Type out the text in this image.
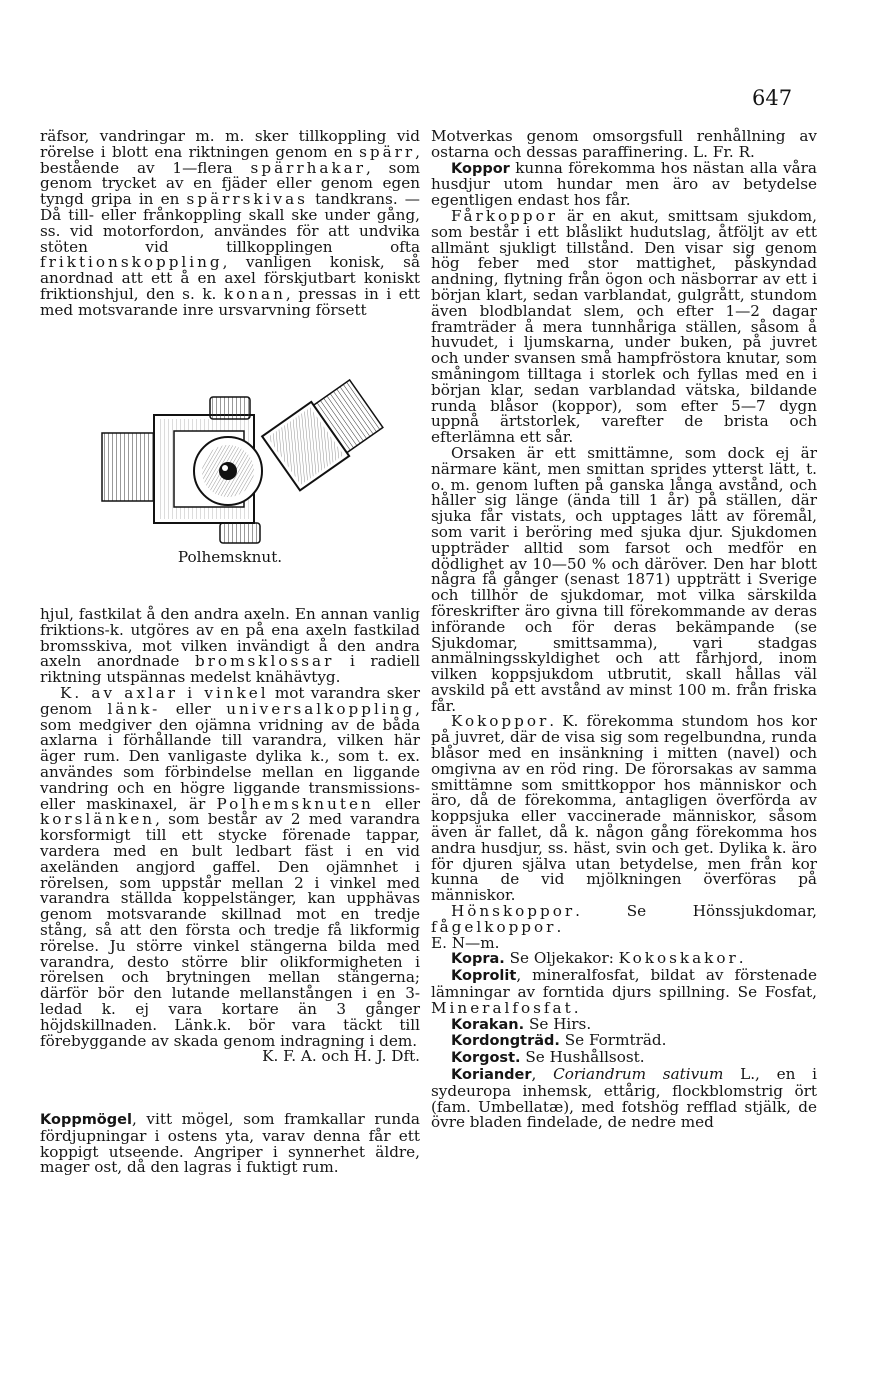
647

räfsor, vandringar m. m. sker tillkoppling vid rörelse i blott ena riktningen genom en spärr, bestående av 1—flera spärrhakar, som genom trycket av en fjäder eller genom egen tyngd gripa in en spärrskivas tandkrans. — Då till- eller frånkoppling skall ske under gång, ss. vid motorfordon, användes för att undvika stöten vid tillkopplingen ofta friktionskoppling, vanligen konisk, så anordnad att ett å en axel förskjutbart koniskt friktionshjul, den s. k. konan, pressas in i ett med motsvarande inre ursvarvning försett

Polhemsknut.

hjul, fastkilat å den andra axeln. En annan vanlig friktions-k. utgöres av en på ena axeln fastkilad bromsskiva, mot vilken invändigt å den andra axeln anordnade bromsklossar i radiell riktning utspännas medelst knähävtyg.

K. av axlar i vinkel mot varandra sker genom länk- eller universalkoppling, som medgiver den ojämna vridning av de båda axlarna i förhållande till varandra, vilken här äger rum. Den vanligaste dylika k., som t. ex. användes som förbindelse mellan en liggande vandring och en högre liggande transmissions- eller maskinaxel, är Polhemsknuten eller korslänken, som består av 2 med varandra korsformigt till ett stycke förenade tappar, vardera med en bult ledbart fäst i en vid axeländen angjord gaffel. Den ojämnhet i rörelsen, som uppstår mellan 2 i vinkel med varandra ställda koppelstänger, kan upphävas genom motsvarande skillnad mot en tredje stång, så att den första och tredje få likformig rörelse. Ju större vinkel stängerna bilda med varandra, desto större blir olikformigheten i rörelsen och brytningen mellan stängerna; därför bör den lutande mellanstången i en 3-ledad k. ej vara kortare än 3 gånger höjdskillnaden. Länk.k. bör vara täckt till förebyggande av skada genom indragning i dem.
K. F. A. och H. J. Dft.

Koppmögel, vitt mögel, som framkallar runda fördjupningar i ostens yta, varav denna får ett koppigt utseende. Angriper i synnerhet äldre, mager ost, då den lagras i fuktigt rum.

Motverkas genom omsorgsfull renhållning av ostarna och dessas paraffinering. L. Fr. R.

Koppor kunna förekomma hos nästan alla våra husdjur utom hundar men äro av betydelse egentligen endast hos får.

Fårkoppor är en akut, smittsam sjukdom, som består i ett blåslikt hudutslag, åtföljt av ett allmänt sjukligt tillstånd. Den visar sig genom hög feber med stor mattighet, påskyndad andning, flytning från ögon och näsborrar av ett i början klart, sedan varblandat, gulgrått, stundom även blodblandat slem, och efter 1—2 dagar framträder å mera tunnhåriga ställen, såsom å huvudet, i ljumskarna, under buken, på juvret och under svansen små hampfröstora knutar, som småningom tilltaga i storlek och fyllas med en i början klar, sedan varblandad vätska, bildande runda blåsor (koppor), som efter 5—7 dygn uppnå ärtstorlek, varefter de brista och efterlämna ett sår.

Orsaken är ett smittämne, som dock ej är närmare känt, men smittan sprides ytterst lätt, t. o. m. genom luften på ganska långa avstånd, och håller sig länge (ända till 1 år) på ställen, där sjuka får vistats, och upptages lätt av föremål, som varit i beröring med sjuka djur. Sjukdomen uppträder alltid som farsot och medför en dödlighet av 10—50 % och däröver. Den har blott några få gånger (senast 1871) uppträtt i Sverige och tillhör de sjukdomar, mot vilka särskilda föreskrifter äro givna till förekommande av deras införande och för deras bekämpande (se Sjukdomar, smittsamma), vari stadgas anmälningsskyldighet och att fårhjord, inom vilken koppsjukdom utbrutit, skall hållas väl avskild på ett avstånd av minst 100 m. från friska får.

Kokoppor. K. förekomma stundom hos kor på juvret, där de visa sig som regelbundna, runda blåsor med en insänkning i mitten (navel) och omgivna av en röd ring. De förorsakas av samma smittämne som smittkoppor hos människor och äro, då de förekomma, antagligen överförda av koppsjuka eller vaccinerade människor, såsom även är fallet, då k. någon gång förekomma hos andra husdjur, ss. häst, svin och get. Dylika k. äro för djuren själva utan betydelse, men från kor kunna de vid mjölkningen överföras på människor.

Hönskoppor. Se Hönssjukdomar, fågelkoppor.

E. N—m.

Kopra. Se Oljekakor: Kokoskakor.

Koprolit, mineralfosfat, bildat av förstenade lämningar av forntida djurs spillning. Se Fosfat, Mineralfosfat.

Korakan. Se Hirs.

Kordongträd. Se Formträd.

Korgost. Se Hushållsost.

Koriander, Coriandrum sativum L., en i sydeuropa inhemsk, ettårig, flockblomstrig ört (fam. Umbellatæ), med fotshög refflad stjälk, de övre bladen findelade, de nedre med
